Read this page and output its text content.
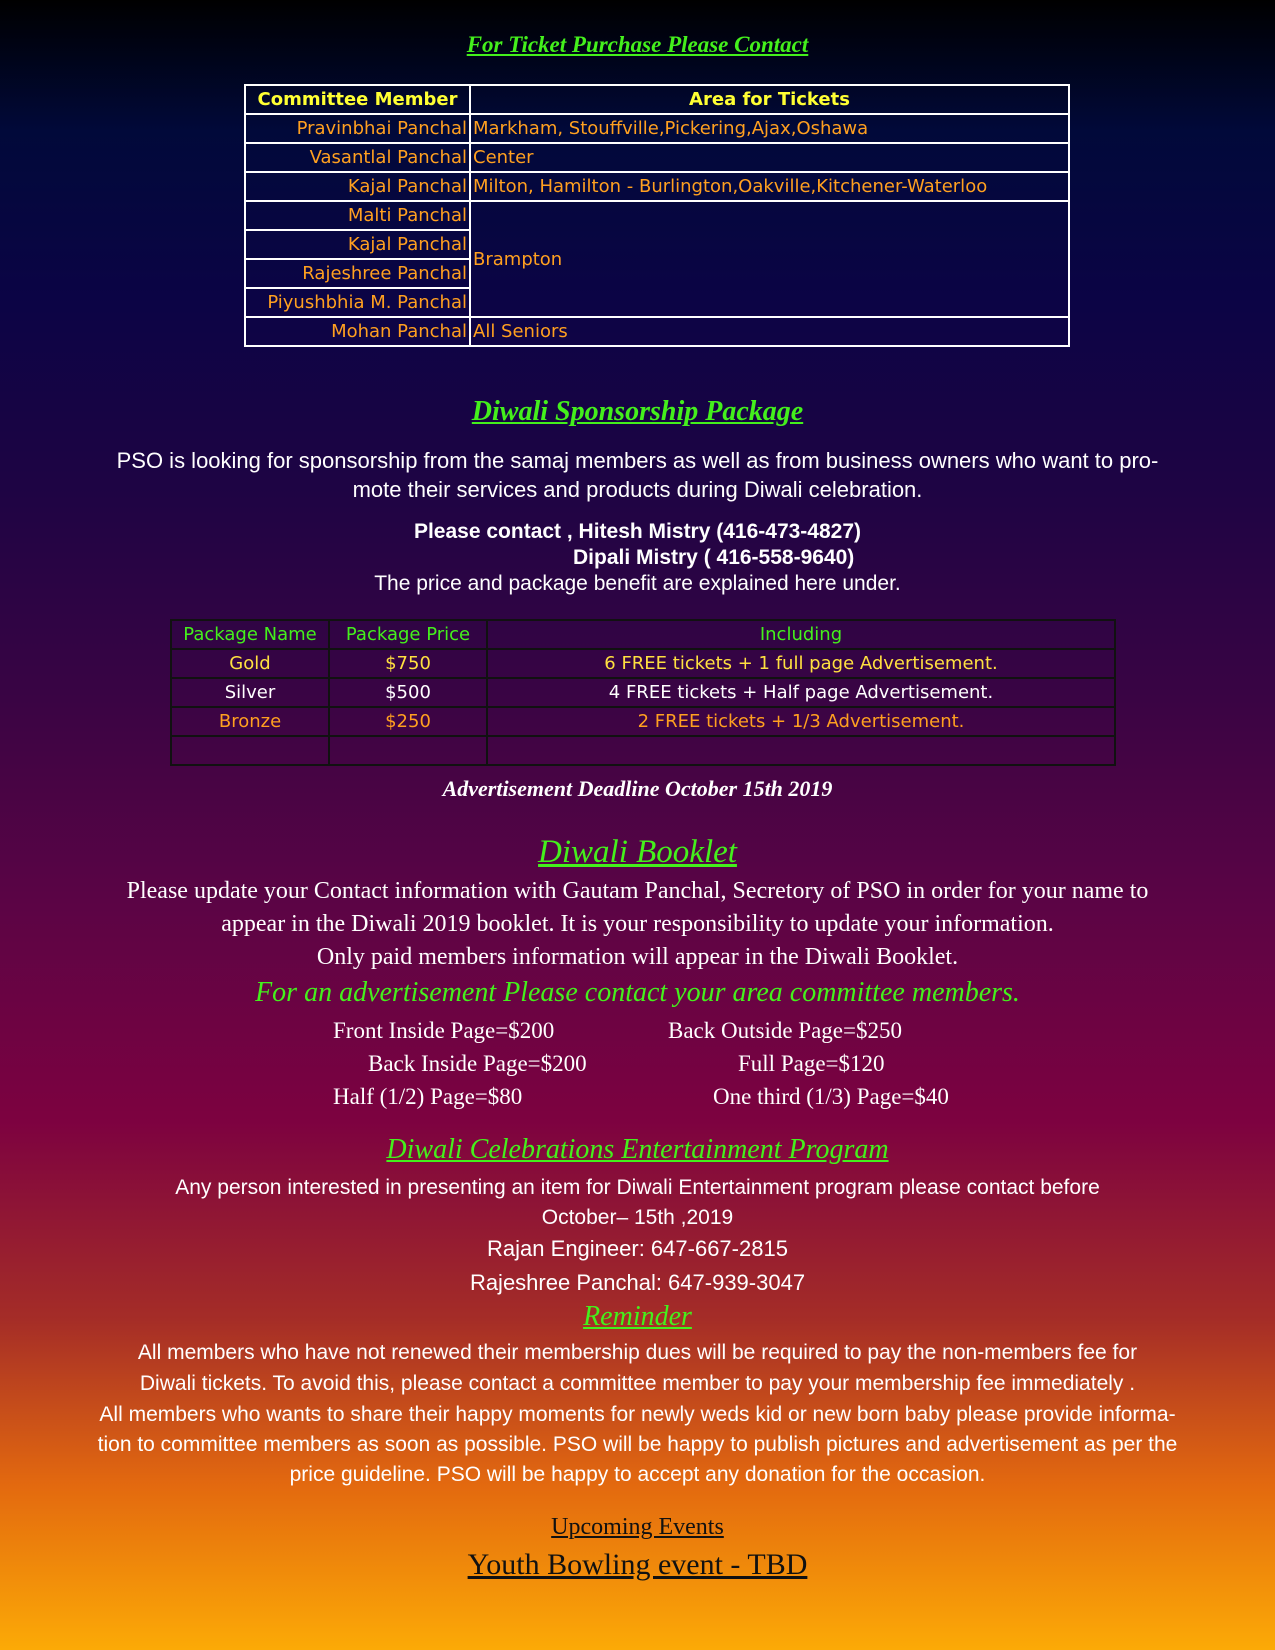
For Ticket Purchase Please Contact
Committee Member	Area for Tickets
Pravinbhai Panchal	Markham, Stouffville,Pickering,Ajax,Oshawa
Vasantlal Panchal	Center
Kajal Panchal	Milton, Hamilton - Burlington,Oakville,Kitchener-Waterloo
Malti Panchal	Brampton
Kajal Panchal	
Rajeshree Panchal	
Piyushbhia M. Panchal	
Mohan Panchal	All Seniors
Diwali Sponsorship Package
PSO is looking for sponsorship from the samaj members as well as from business owners who want to pro-
mote their services and products during Diwali celebration.
Please contact , Hitesh Mistry (416-473-4827)
Dipali Mistry ( 416-558-9640)
The price and package benefit are explained here under.
Package Name	Package Price	Including
Gold	$750	6 FREE tickets + 1 full page Advertisement.
Silver	$500	4 FREE tickets + Half page Advertisement.
Bronze	$250	2 FREE tickets + 1/3 Advertisement.

Advertisement Deadline October 15th 2019
Diwali Booklet
Please update your Contact information with Gautam Panchal, Secretory of PSO in order for your name to
appear in the Diwali 2019 booklet. It is your responsibility to update your information.
Only paid members information will appear in the Diwali Booklet.
For an advertisement Please contact your area committee members.
Front Inside Page=$200	Back Outside Page=$250
Back Inside Page=$200	Full Page=$120
Half (1/2) Page=$80	One third (1/3) Page=$40
Diwali Celebrations Entertainment Program
Any person interested in presenting an item for Diwali Entertainment program please contact before
October– 15th ,2019
Rajan Engineer: 647-667-2815
Rajeshree Panchal: 647-939-3047
Reminder
All members who have not renewed their membership dues will be required to pay the non-members fee for
Diwali tickets. To avoid this, please contact a committee member to pay your membership fee immediately .
All members who wants to share their happy moments for newly weds kid or new born baby please provide informa-
tion to committee members as soon as possible. PSO will be happy to publish pictures and advertisement as per the
price guideline. PSO will be happy to accept any donation for the occasion.
Upcoming Events
Youth Bowling event - TBD
